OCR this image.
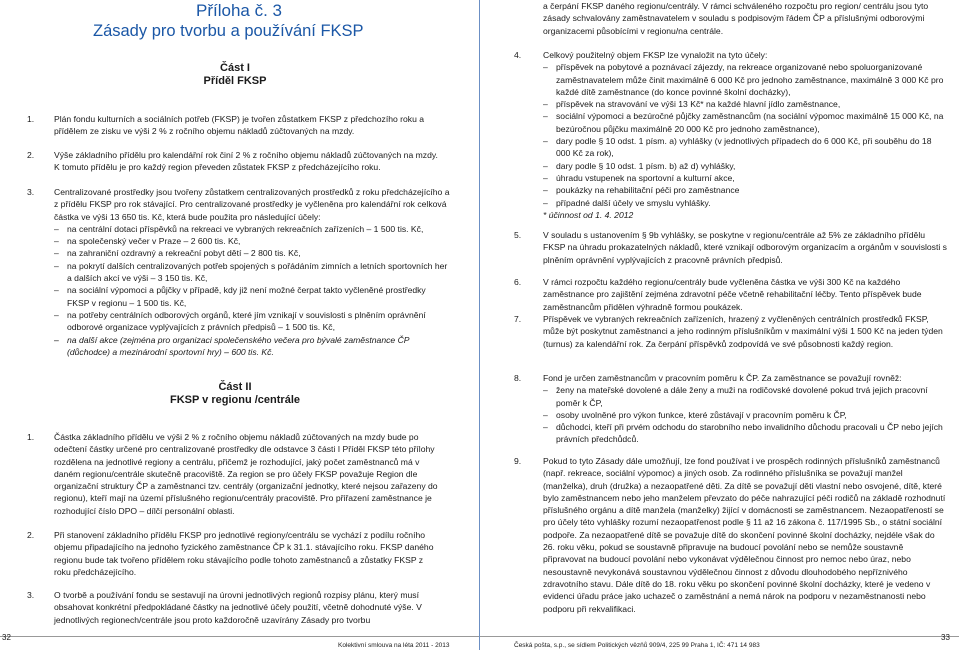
Příloha č. 3
Zásady pro tvorbu a používání FKSP
Část I
Příděl FKSP
1. Plán fondu kulturních a sociálních potřeb (FKSP) je tvořen zůstatkem FKSP z předchozího roku a přídělem ze zisku ve výši 2 % z ročního objemu nákladů zúčtovaných na mzdy.
2. Výše základního přídělu pro kalendářní rok činí 2 % z ročního objemu nákladů zúčtovaných na mzdy. K tomuto přídělu je pro každý region převeden zůstatek FKSP z předcházejícího roku.
3. Centralizované prostředky jsou tvořeny zůstatkem centralizovaných prostředků z roku předcházejícího a z přídělu FKSP pro rok stávající. Pro centralizované prostředky je vyčleněna pro kalendářní rok celková částka ve výši 13 650 tis. Kč, která bude použita pro následující účely:
– na centrální dotaci příspěvků na rekreaci ve vybraných rekreačních zařízeních – 1 500 tis. Kč,
– na společenský večer v Praze – 2 600 tis. Kč,
– na zahraniční ozdravný a rekreační pobyt dětí – 2 800 tis. Kč,
– na pokrytí dalších centralizovaných potřeb spojených s pořádáním zimních a letních sportovních her a dalších akcí ve výši – 3 150 tis. Kč,
– na sociální výpomoci a půjčky v případě, kdy již není možné čerpat takto vyčleněné prostředky FKSP v regionu – 1 500 tis. Kč,
– na potřeby centrálních odborových orgánů, které jím vznikají v souvislosti s plněním oprávnění odborové organizace vyplývajících z právních předpisů – 1 500 tis. Kč,
– na další akce (zejména pro organizaci společenského večera pro bývalé zaměstnance ČP (důchodce) a mezinárodní sportovní hry) – 600 tis. Kč.
Část II
FKSP v regionu /centrále
1. Částka základního přídělu ve výši 2 % z ročního objemu nákladů zúčtovaných na mzdy bude po odečtení částky určené pro centralizované prostředky dle odstavce 3 části I Příděl FKSP této přílohy rozdělena na jednotlivé regiony a centrálu, přičemž je rozhodující, jaký počet zaměstnanců má v daném regionu/centrále skutečně pracoviště. Za region se pro účely FKSP považuje Region dle organizační struktury ČP a zaměstnanci tzv. centrály (organizační jednotky, které nejsou zařazeny do regionu), kteří mají na území příslušného regionu/centrály pracoviště. Pro přiřazení zaměstnance je rozhodující číslo DPO – dílčí personální oblasti.
2. Při stanovení základního přídělu FKSP pro jednotlivé regiony/centrálu se vychází z podílu ročního objemu připadajícího na jednoho fyzického zaměstnance ČP k 31.1. stávajícího roku. FKSP daného regionu bude tak tvořeno přídělem roku stávajícího podle tohoto zaměstnanců a zůstatky FKSP z roku předcházejícího.
3. O tvorbě a používání fondu se sestavují na úrovni jednotlivých regionů rozpisy plánu, který musí obsahovat konkrétní předpokládané částky na jednotlivé účely použití, včetně dohodnuté výše. V jednotlivých regionech/centrále jsou proto každoročně uzavírány Zásady pro tvorbu
a čerpání FKSP daného regionu/centrály. V rámci schváleného rozpočtu pro region/ centrálu jsou tyto zásady schvalovány zaměstnavatelem v souladu s podpisovým řádem ČP a příslušnými odborovými organizacemi působícími v regionu/na centrále.
4.	Celkový použitelný objem FKSP lze vynaložit na tyto účely:
– příspěvek na pobytové a poznávací zájezdy, na rekreace organizované nebo spoluorganizované zaměstnavatelem může činit maximálně 6 000 Kč pro jednoho zaměstnance, maximálně 3 000 Kč pro každé dítě zaměstnance (do konce povinné školní docházky),
– příspěvek na stravování ve výši 13 Kč* na každé hlavní jídlo zaměstnance,
– sociální výpomoci a bezúročné půjčky zaměstnancům (na sociální výpomoc maximálně 15 000 Kč, na bezúročnou půjčku maximálně 20 000 Kč pro jednoho zaměstnance),
– dary podle § 10 odst. 1 písm. a) vyhlášky (v jednotlivých případech do 6 000 Kč, při souběhu do 18 000 Kč za rok),
– dary podle § 10 odst. 1 písm. b) až d) vyhlášky,
– úhradu vstupenek na sportovní a kulturní akce,
– poukázky na rehabilitační péči pro zaměstnance
– případné další účely ve smyslu vyhlášky.
* účinnost od 1. 4. 2012
5.	V souladu s ustanovením § 9b vyhlášky, se poskytne v regionu/centrále až 5% ze základního přídělu FKSP na úhradu prokazatelných nákladů, které vznikají odborovým organizacím a orgánům v souvislosti s plněním oprávnění vyplývajících z pracovně právních předpisů.
6.	V rámci rozpočtu každého regionu/centrály bude vyčleněna částka ve výši 300 Kč na každého zaměstnance pro zajištění zejména zdravotní péče včetně rehabilitační léčby. Tento příspěvek bude zaměstnancům přidělen výhradně formou poukázek.
7.	Příspěvek ve vybraných rekreačních zařízeních, hrazený z vyčleněných centrálních prostředků FKSP, může být poskytnut zaměstnanci a jeho rodinným příslušníkům v maximální výši 1 500 Kč na jeden týden (turnus) za kalendářní rok. Za čerpání příspěvků zodpovídá ve své působnosti každý region.
8.	Fond je určen zaměstnancům v pracovním poměru k ČP. Za zaměstnance se považují rovněž:
– ženy na mateřské dovolené a dále ženy a muži na rodičovské dovolené pokud trvá jejich pracovní poměr k ČP,
– osoby uvolněné pro výkon funkce, které zůstávají v pracovním poměru k ČP,
– důchodci, kteří při prvém odchodu do starobního nebo invalidního důchodu pracovali u ČP nebo jejích právních předchůdců.
9.	Pokud to tyto Zásady dále umožňují, lze fond používat i ve prospěch rodinných příslušníků zaměstnanců (např. rekreace, sociální výpomoc) a jiných osob. Za rodinného příslušníka se považují manžel (manželka), druh (družka) a nezaopatřené děti. Za dítě se považují děti vlastní nebo osvojené, dítě, které bylo zaměstnancem nebo jeho manželem převzato do péče nahrazující péči rodičů na základě rozhodnutí příslušného orgánu a dítě manžela (manželky) žijící v domácnosti se zaměstnancem. Nezaopatřeností se pro účely této vyhlášky rozumí nezaopatřenost podle § 11 až 16 zákona č. 117/1995 Sb., o státní sociální podpoře. Za nezaopatřené dítě se považuje dítě do skončení povinné školní docházky, nejdéle však do 26. roku věku, pokud se soustavně připravuje na budoucí povolání nebo se nemůže soustavně připravovat na budoucí povolání nebo vykonávat výdělečnou činnost pro nemoc nebo úraz, nebo nesoustavně nevykonává soustavnou výdělečnou činnost z důvodu dlouhodobého nepříznivého zdravotního stavu. Dále dítě do 18. roku věku po skončení povinné školní docházky, které je vedeno v evidenci úřadu práce jako uchazeč o zaměstnání a nemá nárok na podporu v nezaměstnanosti nebo podporu při rekvalifikaci.
32
Kolektivní smlouva na léta 2011 - 2013	Česká pošta, s.p., se sídlem Politických vězňů 909/4, 225 99 Praha 1, IČ: 471 14 983
33
